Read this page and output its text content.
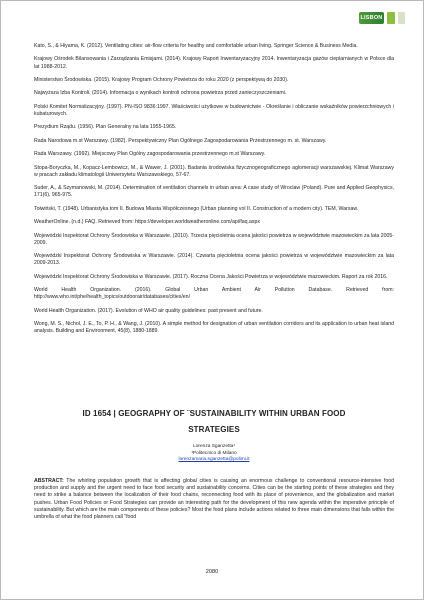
LISBON

Kato, S., & Hiyama, K. (2012). Ventilating cities: air-flow criteria for healthy and comfortable urban living. Springer Science & Business Media.

Krajowy Ośrodek Bilansowania i Zarządzania Emisjami. (2014). Krajowy Raport Inwentaryzacyjny 2014. Inwentaryzacja gazów cieplarnianych w Polsce dla lat 1988-2012.

Ministerstwo Środowiska. (2015). Krajowy Program Ochrony Powietrza do roku 2020 (z perspektywą do 2030).

Najwyższa Izba Kontroli. (2014). Informacja o wynikach kontroli ochrona powietrza przed zanieczyszczeniami.

Polski Komitet Normalizacyjny. (1997). PN-ISO 9836:1997. Właściwości użytkowe w budownictwie - Określanie i obliczanie wskaźników powierzchniowych i kubaturowych.

Prezydium Rządu. (1956). Plan Generalny na lata 1955-1965.

Rada Narodowa m.st Warszawy. (1982). Perspektywiczny Plan Ogólnego Zagospodarowania Przestrzennego m. st. Warszawy.

Rada Warszawy. (1992). Miejscowy Plan Ogólny zagospodarowania przestrzennego m.st Warszawy.

Stopa-Boryczka, M., Kopacz-Lembowicz, M., & Wawer, J. (2001). Badania środowiska fizycznogeograficznego aglomeracji warszawskiej. Klimat Warszawy w pracach zakładu klimatologii Uniwersytetu Warszawskiego, 57-67.

Suder, A., & Szymanowski, M. (2014). Determination of ventilation channels in urban area: A case study of Wroclaw (Poland). Pure and Applied Geophysics, 171(6), 965-975.

Tołwiński, T. (1948). Urbanistyka tom II. Budowa Miasta Współczesnego (Urban planning vol II. Construction of a modern city). TEM, Warsaw.

WeatherOnline. (n.d.) FAQ. Retrieved from: https://developer.worldweatheronline.com/api/faq.aspx

Wojewódzki Inspektorat Ochrony Środowiska w Warszawie. (2010). Trzecia pięcioletnia ocena jakości powietrza w województwie mazowieckim za lata 2005-2009.

Wojewódzki Inspektorat Ochrony Środowiska w Warszawie. (2014). Czwarta pięcioletnia ocena jakości powietrza w województwie mazowieckim za lata 2009-2013.

Wojewódzki Inspektorat Ochrony Środowiska w Warszawie. (2017). Roczna Ocena Jakości Powietrza w województwie mazowieckim. Raport za rok 2016.

World Health Organization. (2016). Global Urban Ambient Air Pollution Database. Retrieved from: http://www.who.int/phe/health_topics/outdoorair/databases/cities/en/

World Health Organization. (2017). Evolution of WHO air quality guidelines: past present and future.

Wong, M. S., Nichol, J. E., To, P. H., & Wang, J. (2010). A simple method for designation of urban ventilation corridors and its application to urban heat island analysis. Building and Environment, 45(8), 1880-1889.

ID 1654 | GEOGRAPHY OF ¨SUSTAINABILITY WITHIN URBAN FOOD
STRATEGIES
Lorenza Sganzetta¹
¹Politecnico di Milano
lorenzamaria.sganzetta@polimi.it
ABSTRACT: The whirling population growth that is affecting global cities is causing an enormous challenge to conventional resource-intensive food production and supply and the urgent need to face food security and sustainability concerns. Cities can be the starting points of these strategies and they need to strike a balance between the localization of their food chains, reconnecting food with its place of provenience, and the globalization and market pushes. Urban Food Policies or Food Strategies can provide an interesting path for the development of this new agenda within the imperative principle of sustainability. But which are the main components of these policies? Most the food plans include actions related to three main dimensions that falls within the umbrella of what the food planners call "food
2080
